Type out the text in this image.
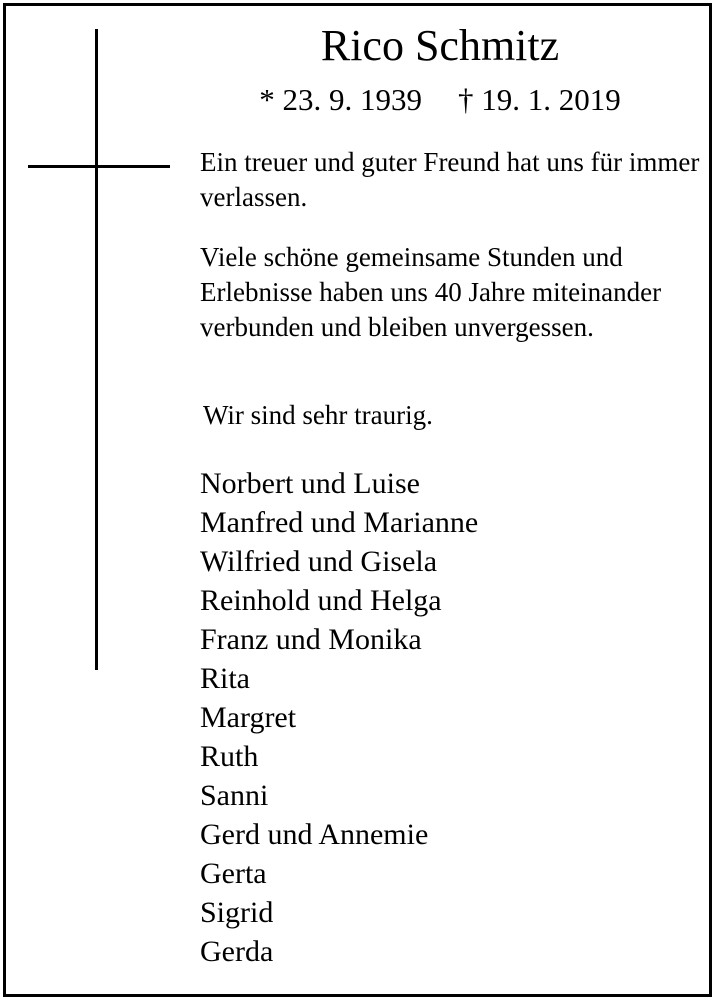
Rico Schmitz
* 23. 9. 1939 † 19. 1. 2019
Ein treuer und guter Freund hat uns für immer verlassen.
Viele schöne gemeinsame Stunden und Erlebnisse haben uns 40 Jahre miteinander verbunden und bleiben unvergessen.
Wir sind sehr traurig.
Norbert und Luise
Manfred und Marianne
Wilfried und Gisela
Reinhold und Helga
Franz und Monika
Rita
Margret
Ruth
Sanni
Gerd und Annemie
Gerta
Sigrid
Gerda
